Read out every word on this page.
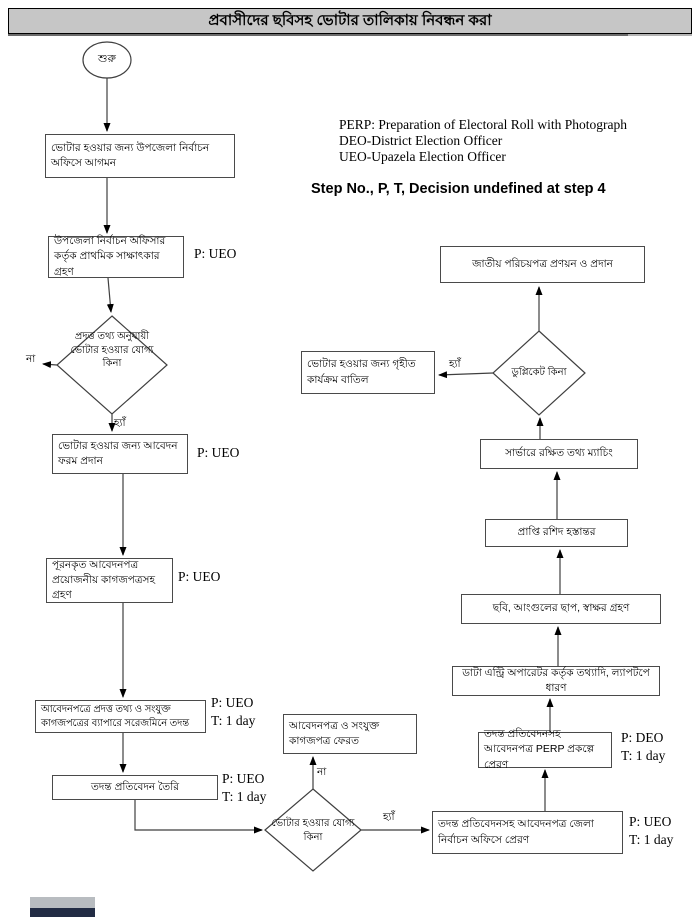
প্রবাসীদের ছবিসহ ভোটার তালিকায় নিবন্ধন করা
PERP: Preparation of Electoral Roll with Photograph
DEO-District Election Officer
UEO-Upazela Election Officer
Step No., P, T, Decision undefined at step 4
শুরু
ভোটার হওয়ার জন্য উপজেলা নির্বাচন অফিসে আগমন
উপজেলা নির্বাচন অফিসার কর্তৃক প্রাথমিক সাক্ষাৎকার গ্রহণ
P: UEO
প্রদত্ত তথ্য অনুযায়ী ভোটার হওয়ার যোগ্য কিনা
না
হ্যাঁ
ভোটার হওয়ার জন্য আবেদন ফরম প্রদান
P: UEO
পূরনকৃত আবেদনপত্র প্রয়োজনীয় কাগজপত্রসহ গ্রহণ
P: UEO
আবেদনপত্রে প্রদত্ত তথ্য ও সংযুক্ত কাগজপত্রের ব্যাপারে সরেজমিনে তদন্ত
P: UEO
T: 1 day
তদন্ত প্রতিবেদন তৈরি
P: UEO
T: 1 day
ভোটার হওয়ার যোগ্য কিনা
না
হ্যাঁ
আবেদনপত্র ও সংযুক্ত কাগজপত্র ফেরত
তদন্ত প্রতিবেদনসহ আবেদনপত্র জেলা নির্বাচন অফিসে প্রেরণ
P: UEO
T: 1 day
তদন্ত প্রতিবেদনসহ আবেদনপত্র PERP প্রকল্পে প্রেরণ
P: DEO
T: 1 day
ডাটা এন্ট্রি অপারেটর কর্তৃক তথ্যাদি, ল্যাপটপে ধারণ
ছবি, আংগুলের ছাপ, স্বাক্ষর গ্রহণ
প্রাপ্তি রশিদ হস্তান্তর
সার্ভারে রক্ষিত তথ্য ম্যাচিং
ডুপ্লিকেট কিনা
হ্যাঁ
ভোটার হওয়ার জন্য গৃহীত কার্যক্রম বাতিল
জাতীয় পরিচয়পত্র প্রণয়ন ও প্রদান
